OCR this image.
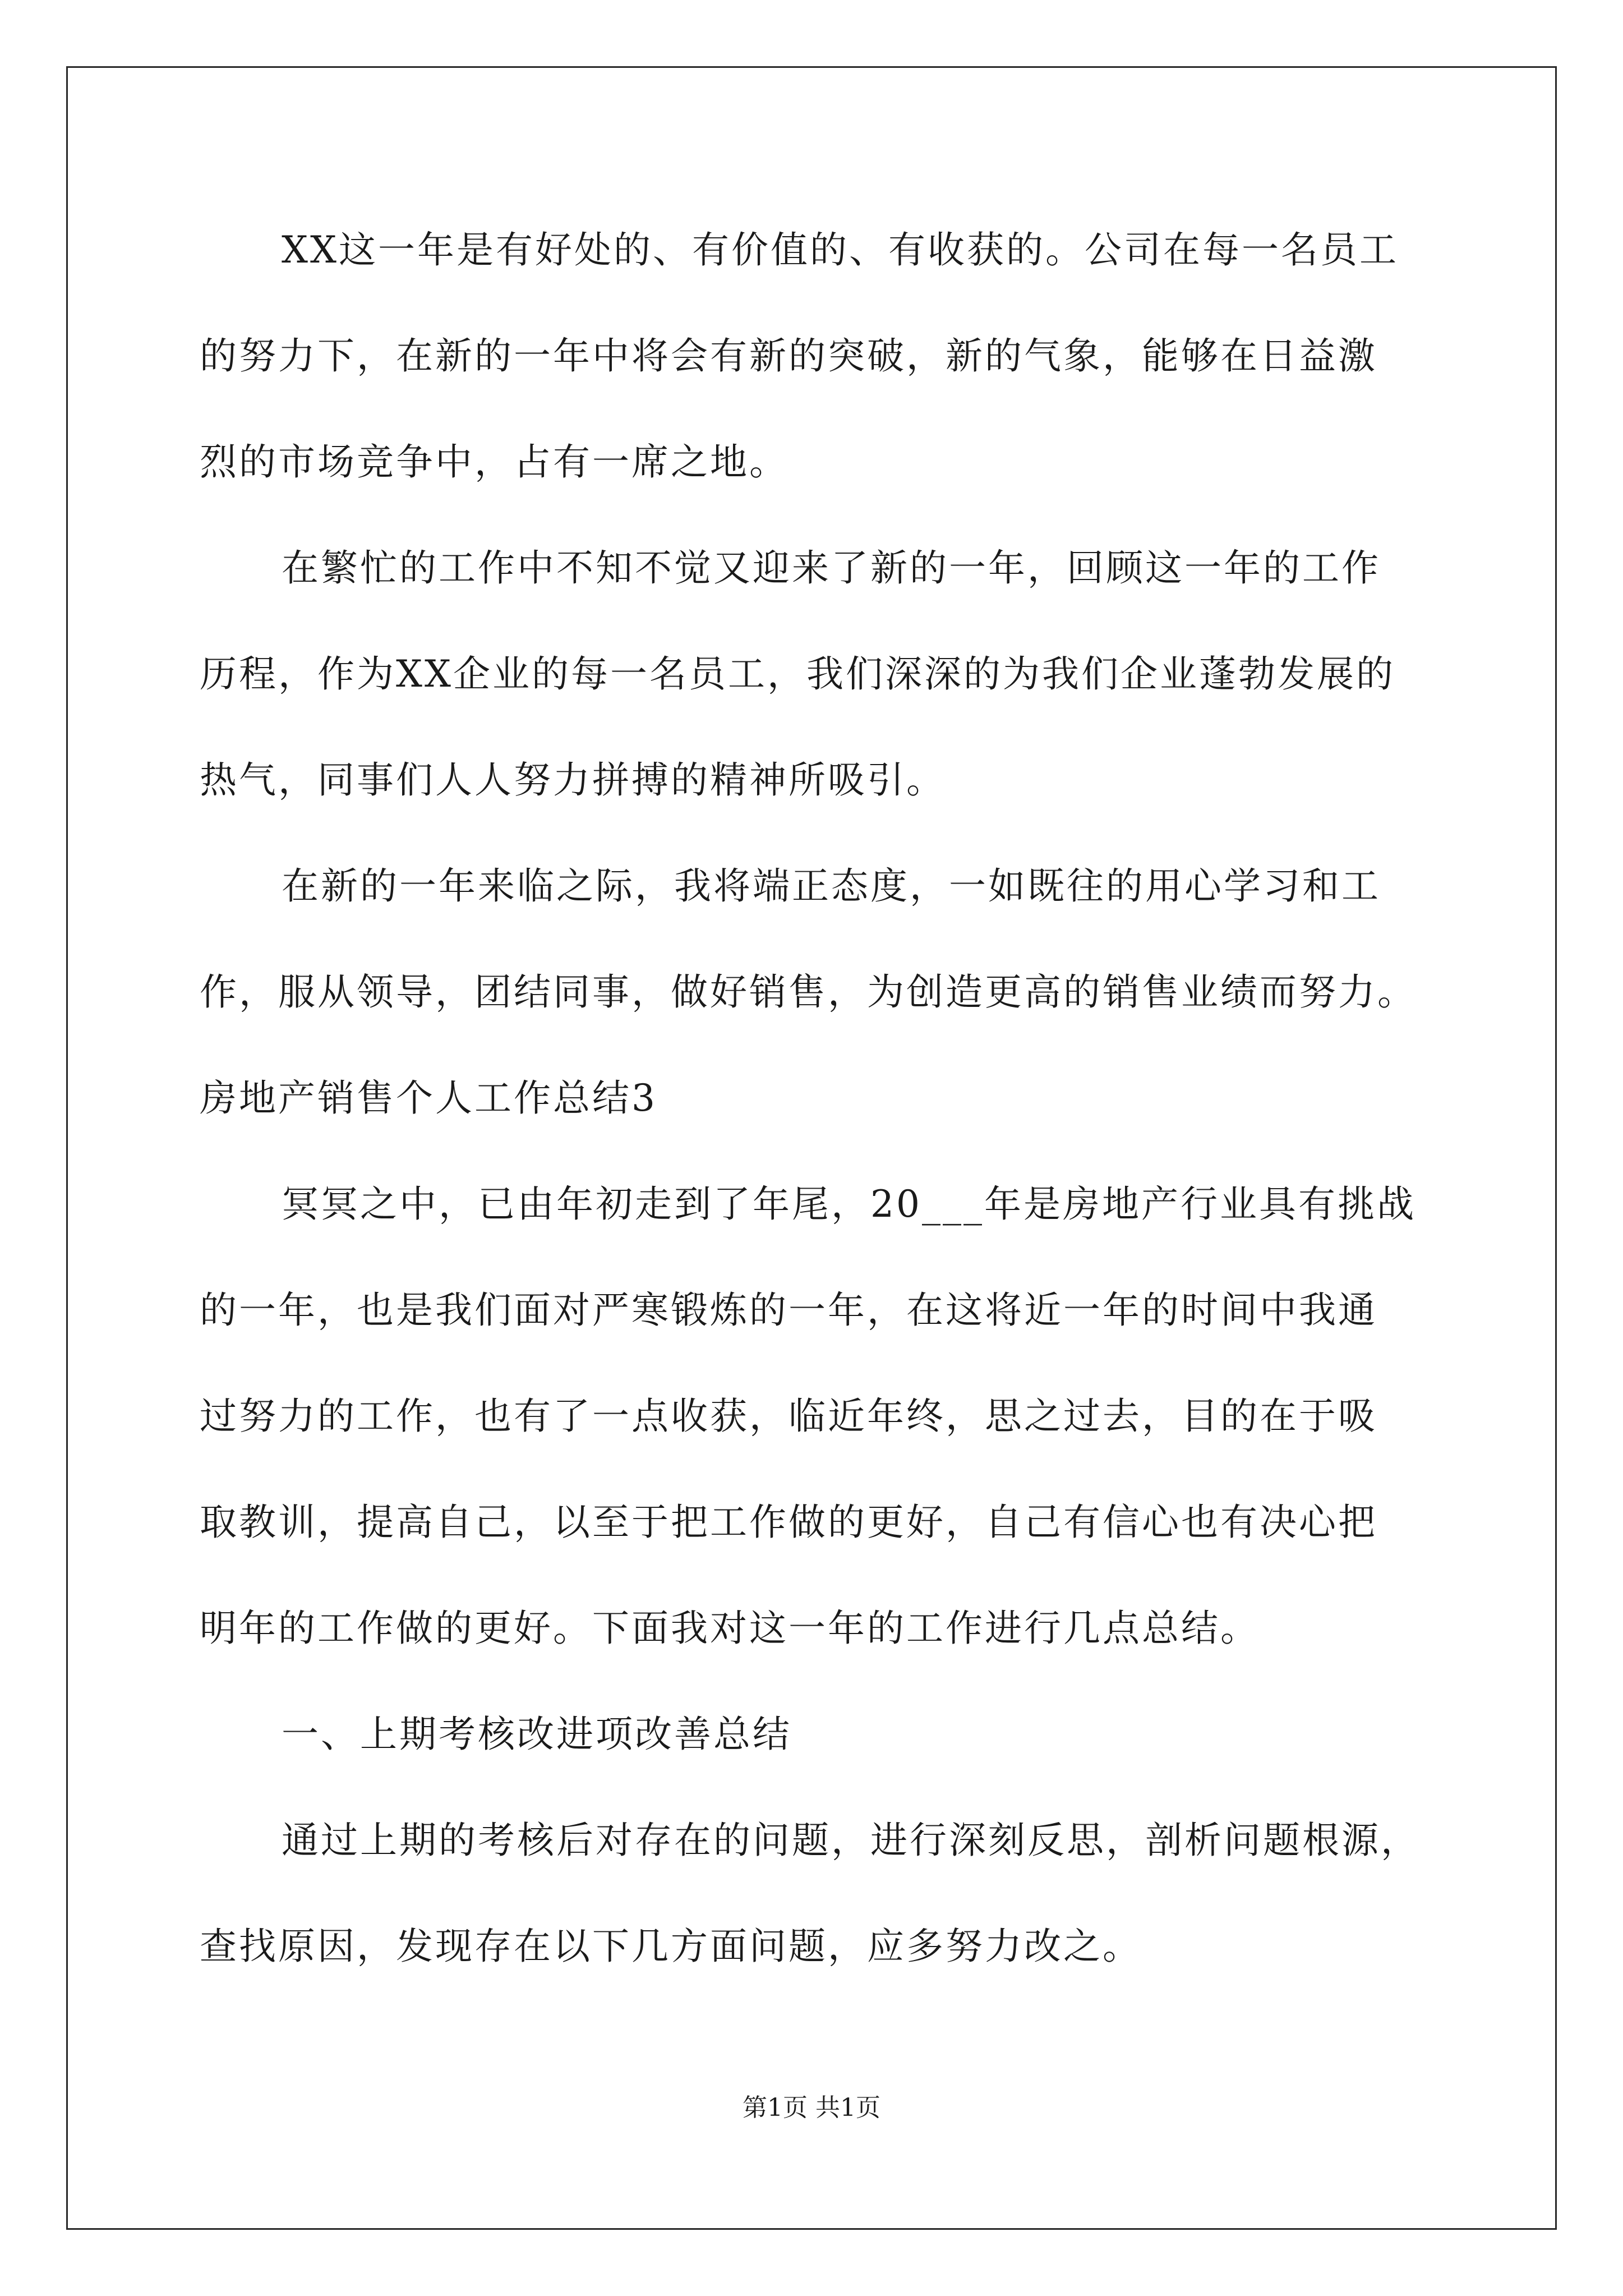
XX这一年是有好处的、有价值的、有收获的。公司在每一名员工
的努力下，在新的一年中将会有新的突破，新的气象，能够在日益激
烈的市场竞争中，占有一席之地。
在繁忙的工作中不知不觉又迎来了新的一年，回顾这一年的工作
历程，作为XX企业的每一名员工，我们深深的为我们企业蓬勃发展的
热气，同事们人人努力拼搏的精神所吸引。
在新的一年来临之际，我将端正态度，一如既往的用心学习和工
作，服从领导，团结同事，做好销售，为创造更高的销售业绩而努力。
房地产销售个人工作总结3
冥冥之中，已由年初走到了年尾，20___年是房地产行业具有挑战
的一年，也是我们面对严寒锻炼的一年，在这将近一年的时间中我通
过努力的工作，也有了一点收获，临近年终，思之过去，目的在于吸
取教训，提高自己，以至于把工作做的更好，自己有信心也有决心把
明年的工作做的更好。下面我对这一年的工作进行几点总结。
一、上期考核改进项改善总结
通过上期的考核后对存在的问题，进行深刻反思，剖析问题根源，
查找原因，发现存在以下几方面问题，应多努力改之。
第1页 共1页
